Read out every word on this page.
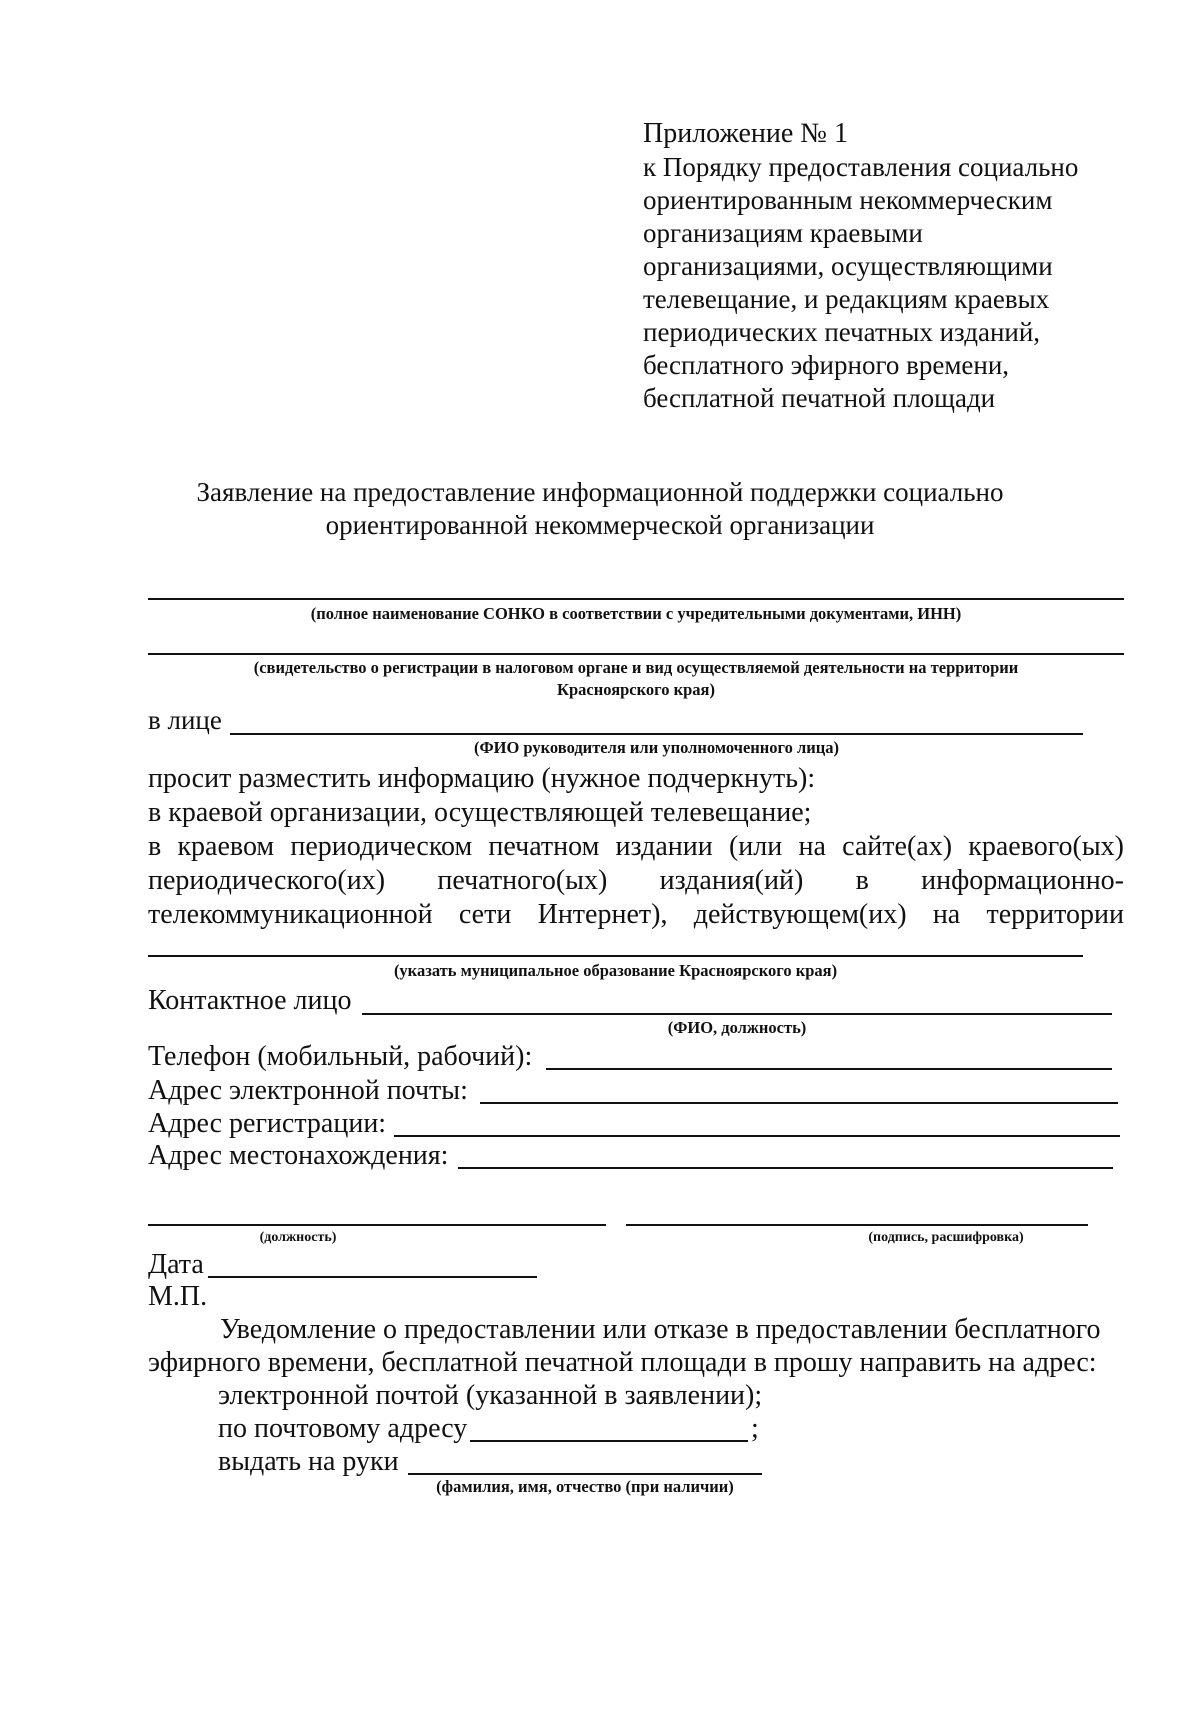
Приложение № 1
к Порядку предоставления социально
ориентированным некоммерческим
организациям краевыми
организациями, осуществляющими
телевещание, и редакциям краевых
периодических печатных изданий,
бесплатного эфирного времени,
бесплатной печатной площади
Заявление на предоставление информационной поддержки социально
ориентированной некоммерческой организации
(полное наименование СОНКО в соответствии с учредительными документами, ИНН)
(свидетельство о регистрации в налоговом органе и вид осуществляемой деятельности на территории
Красноярского края)
в лице
(ФИО руководителя или уполномоченного лица)
просит разместить информацию (нужное подчеркнуть):
в краевой организации, осуществляющей телевещание;
в краевом периодическом печатном издании (или на сайте(ах) краевого(ых)
периодического(их) печатного(ых) издания(ий) в информационно-
телекоммуникационной сети Интернет), действующем(их) на территории
(указать муниципальное образование Красноярского края)
Контактное лицо
(ФИО, должность)
Телефон (мобильный, рабочий):
Адрес электронной почты:
Адрес регистрации:
Адрес местонахождения:
(должность)	(подпись, расшифровка)
Дата
М.П.
Уведомление о предоставлении или отказе в предоставлении бесплатного
эфирного времени, бесплатной печатной площади в прошу направить на адрес:
электронной почтой (указанной в заявлении);
по почтовому адресу	;
выдать на руки
(фамилия, имя, отчество (при наличии)
